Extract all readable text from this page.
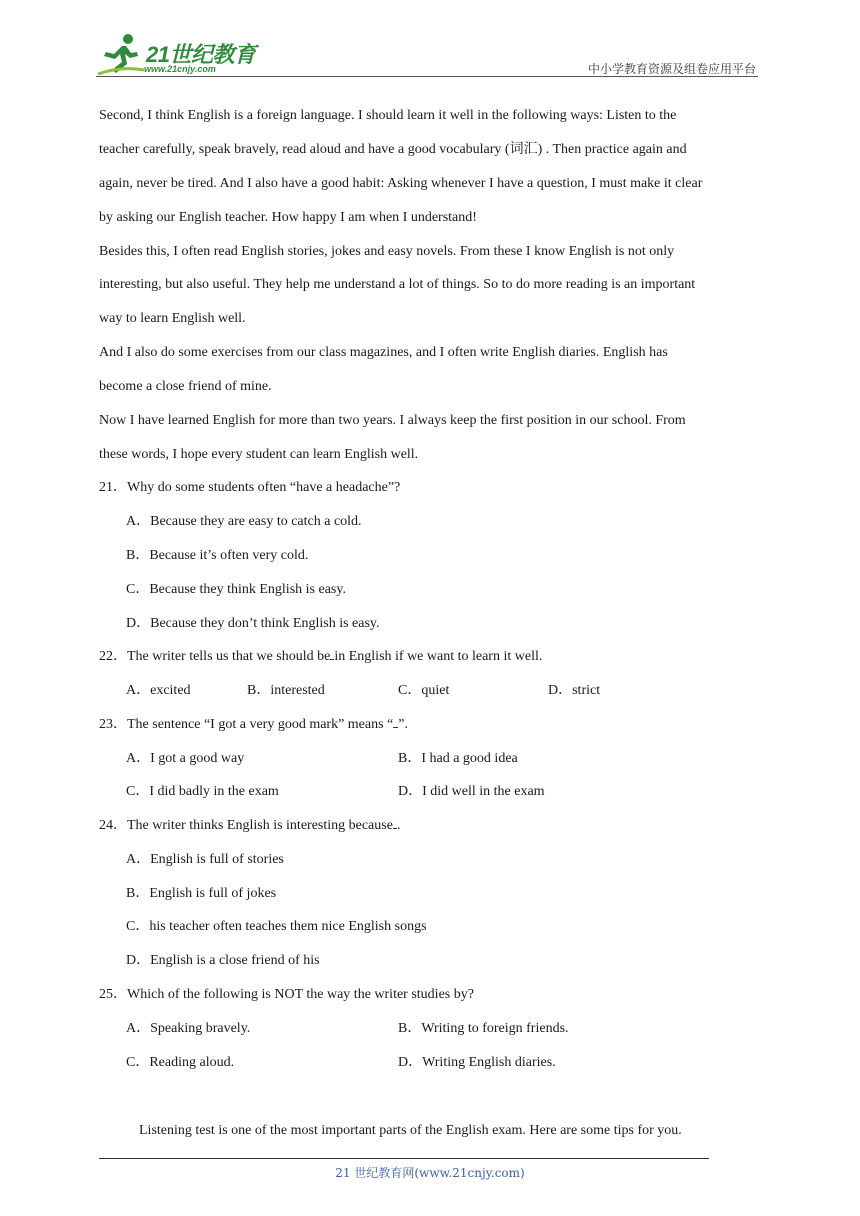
21世纪教育
www.21cnjy.com	中小学教育资源及组卷应用平台
Second, I think English is a foreign language. I should learn it well in the following ways: Listen to the
teacher carefully, speak bravely, read aloud and have a good vocabulary (词汇) . Then practice again and
again, never be tired. And I also have a good habit: Asking whenever I have a question, I must make it clear
by asking our English teacher. How happy I am when I understand!
Besides this, I often read English stories, jokes and easy novels. From these I know English is not only
interesting, but also useful. They help me understand a lot of things. So to do more reading is an important
way to learn English well.
And I also do some exercises from our class magazines, and I often write English diaries. English has
become a close friend of mine.
Now I have learned English for more than two years. I always keep the first position in our school. From
these words, I hope every student can learn English well.
21．Why do some students often “have a headache”?
A．Because they are easy to catch a cold.
B．Because it’s often very cold.
C．Because they think English is easy.
D．Because they don’t think English is easy.
22．The writer tells us that we should be in English if we want to learn it well.
A．excited	B．interested	C．quiet	D．strict
23．The sentence “I got a very good mark” means “ ”.
A．I got a good way	B．I had a good idea
C．I did badly in the exam	D．I did well in the exam
24．The writer thinks English is interesting because .
A．English is full of stories
B．English is full of jokes
C．his teacher often teaches them nice English songs
D．English is a close friend of his
25．Which of the following is NOT the way the writer studies by?
A．Speaking bravely.	B．Writing to foreign friends.
C．Reading aloud.	D．Writing English diaries.
Listening test is one of the most important parts of the English exam. Here are some tips for you.
21 世纪教育网(www.21cnjy.com)
